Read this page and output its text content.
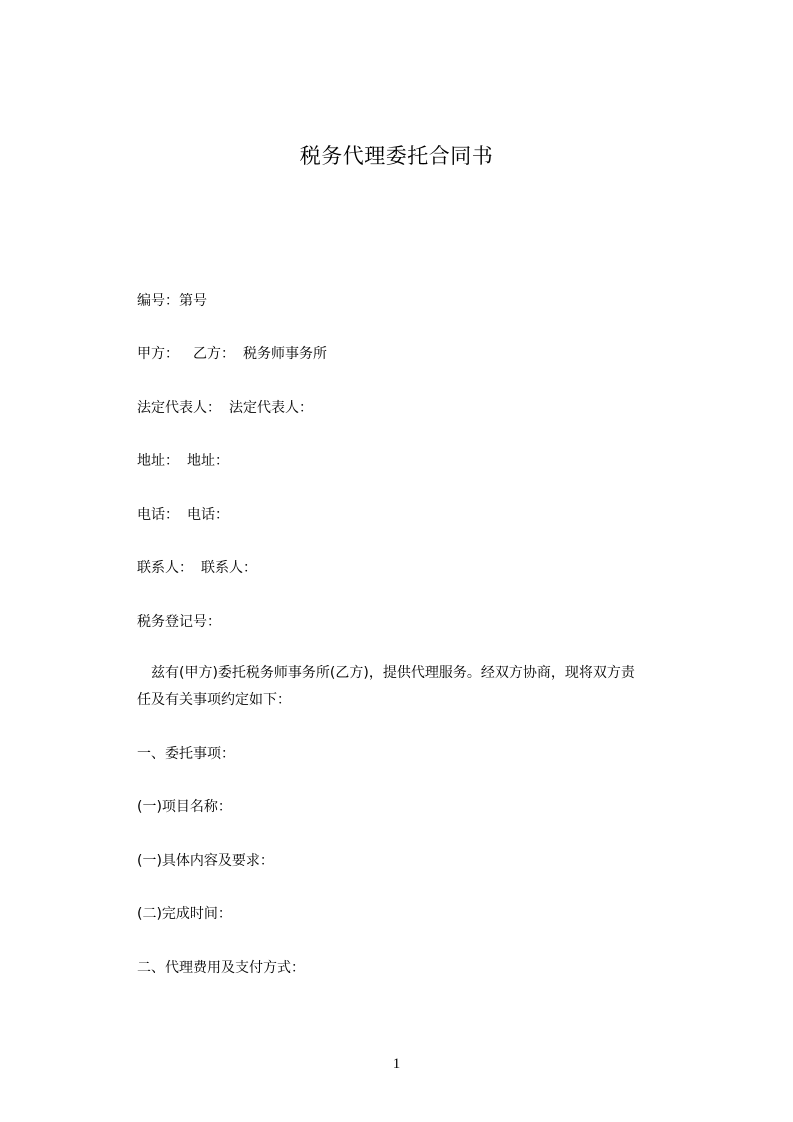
税务代理委托合同书
编号：第号
甲方： 乙方： 税务师事务所
法定代表人： 法定代表人：
地址： 地址：
电话： 电话：
联系人： 联系人：
税务登记号：
兹有(甲方)委托税务师事务所(乙方)，提供代理服务。经双方协商，现将双方责
任及有关事项约定如下：
一、委托事项：
(一)项目名称：
(一)具体内容及要求：
(二)完成时间：
二、代理费用及支付方式：
1
